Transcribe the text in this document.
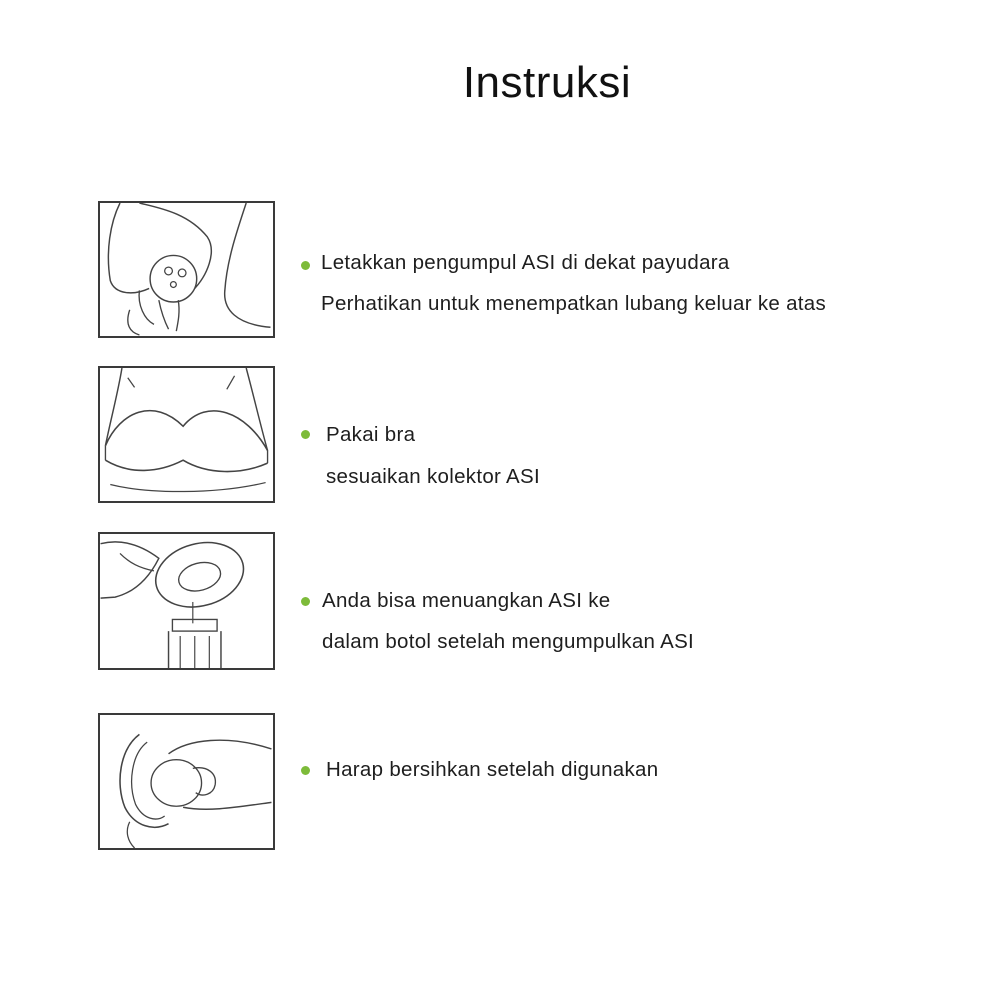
Instruksi
Letakkan pengumpul ASI di dekat payudara
Perhatikan untuk menempatkan lubang keluar ke atas
Pakai bra
sesuaikan kolektor ASI
Anda bisa menuangkan ASI ke
dalam botol setelah mengumpulkan ASI
Harap bersihkan setelah digunakan
